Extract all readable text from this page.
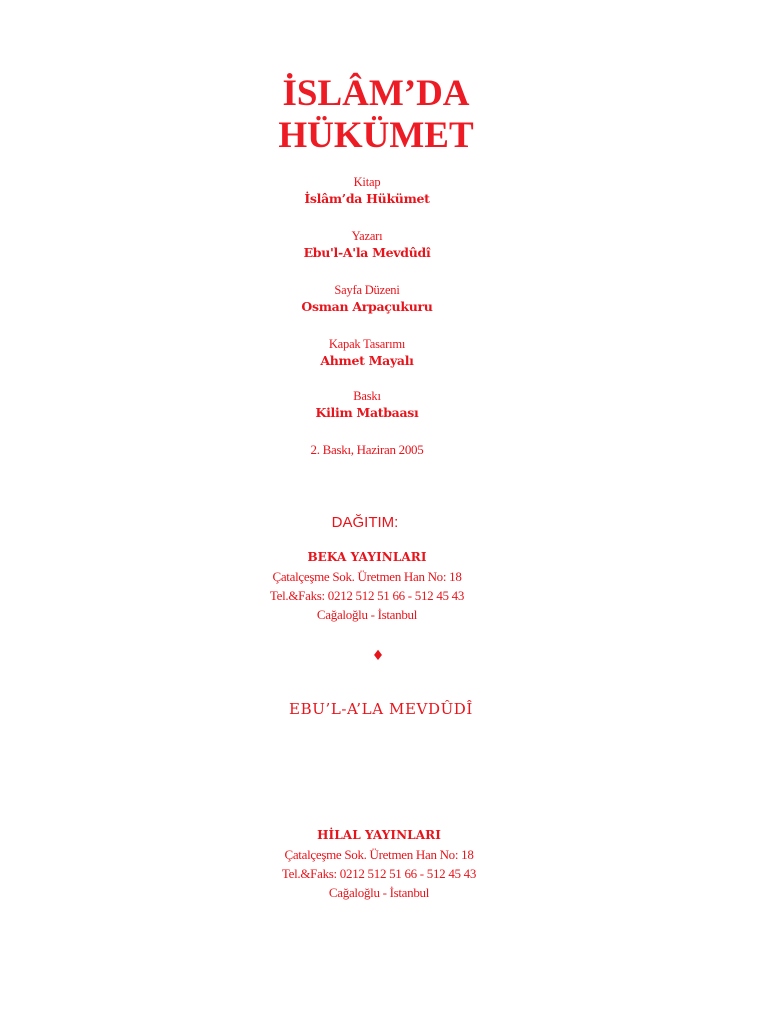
İSLÂM’DA
HÜKÜMET
Kitap
İslâm’da Hükümet
Yazarı
Ebu'l-A'la Mevdûdî
Sayfa Düzeni
Osman Arpaçukuru
Kapak Tasarımı
Ahmet Mayalı
Baskı
Kilim Matbaası
2. Baskı, Haziran 2005
DAĞITIM:
BEKA YAYINLARI
Çatalçeşme Sok. Üretmen Han No: 18
Tel.&Faks: 0212 512 51 66 - 512 45 43
Cağaloğlu - İstanbul
♦
EBU’L-A’LA MEVDÛDÎ
HİLAL YAYINLARI
Çatalçeşme Sok. Üretmen Han No: 18
Tel.&Faks: 0212 512 51 66 - 512 45 43
Cağaloğlu - İstanbul
